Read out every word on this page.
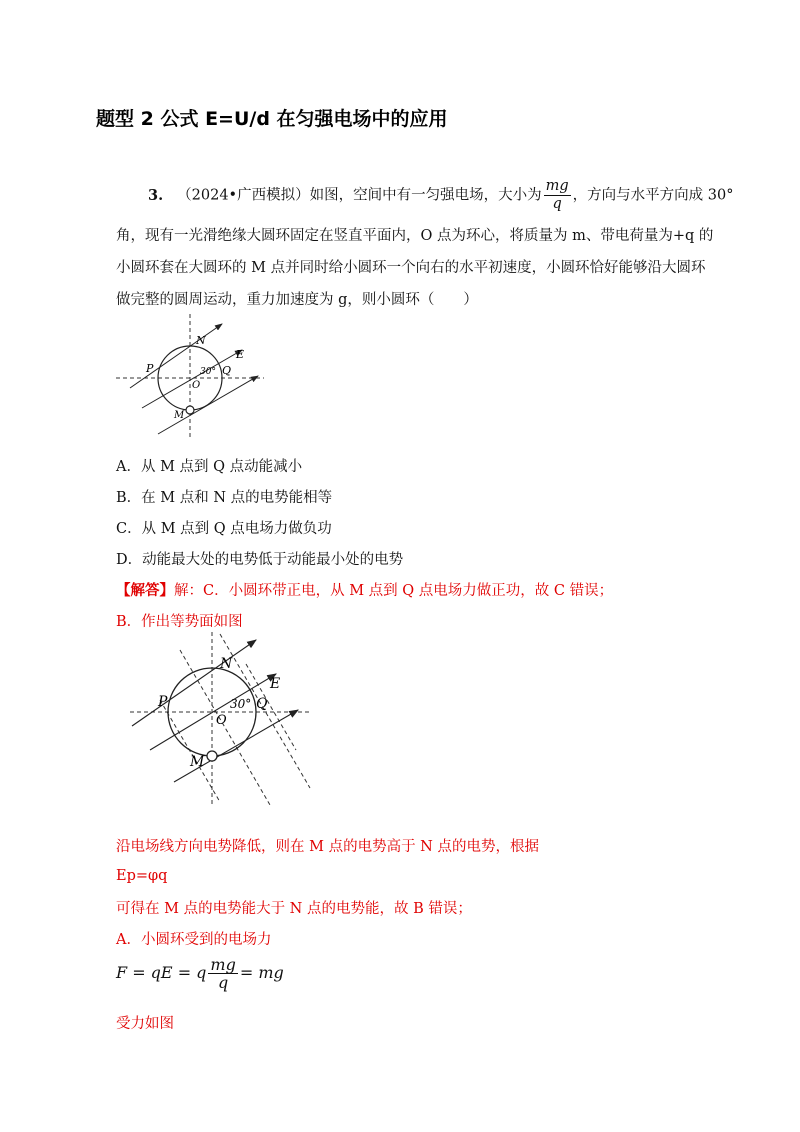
题型 2 公式 E=U/d 在匀强电场中的应用
3. （2024•广西模拟）如图，空间中有一匀强电场，大小为 $\frac{mg}{q}$ ，方向与水平方向成 30°
角，现有一光滑绝缘大圆环固定在竖直平面内，O 点为环心，将质量为 m、带电荷量为+q 的
小圆环套在大圆环的 M 点并同时给小圆环一个向右的水平初速度，小圆环恰好能够沿大圆环
做完整的圆周运动，重力加速度为 g，则小圆环（　　）
N
E
P
O
Q
30°
M
A．从 M 点到 Q 点动能减小
B．在 M 点和 N 点的电势能相等
C．从 M 点到 Q 点电场力做负功
D．动能最大处的电势低于动能最小处的电势
【解答】解：C．小圆环带正电，从 M 点到 Q 点电场力做正功，故 C 错误；
B．作出等势面如图
N
E
P
O
Q
30°
M
沿电场线方向电势降低，则在 M 点的电势高于 N 点的电势，根据
Ep=φq
可得在 M 点的电势能大于 N 点的电势能，故 B 错误；
A．小圆环受到的电场力
F = qE = q $\frac{mg}{q}$ = mg
受力如图
